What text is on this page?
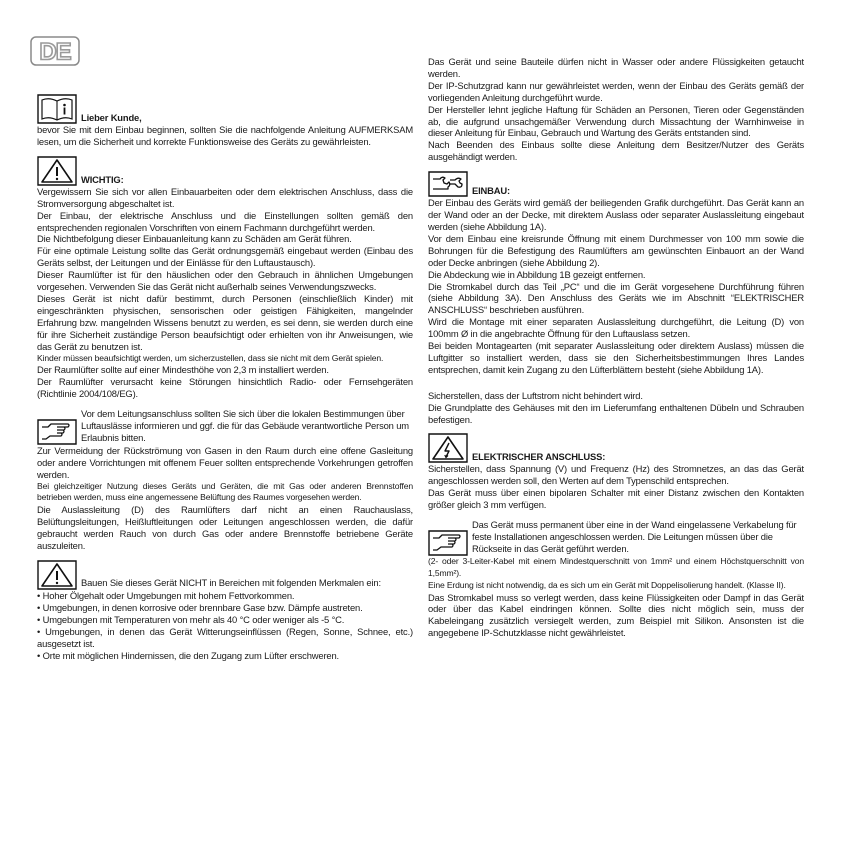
DE
Lieber Kunde,

bevor Sie mit dem Einbau beginnen, sollten Sie die nachfolgende Anleitung AUFMERKSAM lesen, um die Sicherheit und korrekte Funktionsweise des Geräts zu gewährleisten.

WICHTIG:

Vergewissern Sie sich vor allen Einbauarbeiten oder dem elektrischen Anschluss, dass die Stromversorgung abgeschaltet ist.

Der Einbau, der elektrische Anschluss und die Einstellungen sollten gemäß den entsprechenden regionalen Vorschriften von einem Fachmann durchgeführt werden.

Die Nichtbefolgung dieser Einbauanleitung kann zu Schäden am Gerät führen.

Für eine optimale Leistung sollte das Gerät ordnungsgemäß eingebaut werden (Einbau des Geräts selbst, der Leitungen und der Einlässe für den Luftaustausch).

Dieser Raumlüfter ist für den häuslichen oder den Gebrauch in ähnlichen Umgebungen vorgesehen. Verwenden Sie das Gerät nicht außerhalb seines Verwendungszwecks.

Dieses Gerät ist nicht dafür bestimmt, durch Personen (einschließlich Kinder) mit eingeschränkten physischen, sensorischen oder geistigen Fähigkeiten, mangelnder Erfahrung bzw. mangelnden Wissens benutzt zu werden, es sei denn, sie werden durch eine für ihre Sicherheit zuständige Person beaufsichtigt oder erhielten von ihr Anweisungen, wie das Gerät zu benutzen ist.

Kinder müssen beaufsichtigt werden, um sicherzustellen, dass sie nicht mit dem Gerät spielen.

Der Raumlüfter sollte auf einer Mindesthöhe von 2,3 m installiert werden.

Der Raumlüfter verursacht keine Störungen hinsichtlich Radio- oder Fernsehgeräten (Richtlinie 2004/108/EG).

Vor dem Leitungsanschluss sollten Sie sich über die lokalen Bestimmungen über Luftauslässe informieren und ggf. die für das Gebäude verantwortliche Person um Erlaubnis bitten.

Zur Vermeidung der Rückströmung von Gasen in den Raum durch eine offene Gasleitung oder andere Vorrichtungen mit offenem Feuer sollten entsprechende Vorkehrungen getroffen werden.

Bei gleichzeitiger Nutzung dieses Geräts und Geräten, die mit Gas oder anderen Brennstoffen betrieben werden, muss eine angemessene Belüftung des Raumes vorgesehen werden.

Die Auslassleitung (D) des Raumlüfters darf nicht an einen Rauchauslass, Belüftungsleitungen, Heißluftleitungen oder Leitungen angeschlossen werden, die dafür gebraucht werden Rauch von durch Gas oder andere Brennstoffe betriebene Geräte auszuleiten.

Bauen Sie dieses Gerät NICHT in Bereichen mit folgenden Merkmalen ein:

• Hoher Ölgehalt oder Umgebungen mit hohem Fettvorkommen.

• Umgebungen, in denen korrosive oder brennbare Gase bzw. Dämpfe austreten.

• Umgebungen mit Temperaturen von mehr als 40 °C oder weniger als -5 °C.

• Umgebungen, in denen das Gerät Witterungseinflüssen (Regen, Sonne, Schnee, etc.) ausgesetzt ist.

• Orte mit möglichen Hindernissen, die den Zugang zum Lüfter erschweren.

Das Gerät und seine Bauteile dürfen nicht in Wasser oder andere Flüssigkeiten getaucht werden.

Der IP-Schutzgrad kann nur gewährleistet werden, wenn der Einbau des Geräts gemäß der vorliegenden Anleitung durchgeführt wurde.

Der Hersteller lehnt jegliche Haftung für Schäden an Personen, Tieren oder Gegenständen ab, die aufgrund unsachgemäßer Verwendung durch Missachtung der Warnhinweise in dieser Anleitung für Einbau, Gebrauch und Wartung des Geräts entstanden sind.

Nach Beenden des Einbaus sollte diese Anleitung dem Besitzer/Nutzer des Geräts ausgehändigt werden.

EINBAU:

Der Einbau des Geräts wird gemäß der beiliegenden Grafik durchgeführt. Das Gerät kann an der Wand oder an der Decke, mit direktem Auslass oder separater Auslassleitung eingebaut werden (siehe Abbildung 1A).

Vor dem Einbau eine kreisrunde Öffnung mit einem Durchmesser von 100 mm sowie die Bohrungen für die Befestigung des Raumlüfters am gewünschten Einbauort an der Wand oder Decke anbringen (siehe Abbildung 2).

Die Abdeckung wie in Abbildung 1B gezeigt entfernen.

Die Stromkabel durch das Teil „PC“ und die im Gerät vorgesehene Durchführung führen (siehe Abbildung 3A). Den Anschluss des Geräts wie im Abschnitt “ELEKTRISCHER ANSCHLUSS“ beschrieben ausführen.

Wird die Montage mit einer separaten Auslassleitung durchgeführt, die Leitung (D) von 100mm Ø in die angebrachte Öffnung für den Luftauslass setzen.

Bei beiden Montagearten (mit separater Auslassleitung oder direktem Auslass) müssen die Luftgitter so installiert werden, dass sie den Sicherheitsbestimmungen Ihres Landes entsprechen, damit kein Zugang zu den Lüfterblättern besteht (siehe Abbildung 1A).

Sicherstellen, dass der Luftstrom nicht behindert wird.

Die Grundplatte des Gehäuses mit den im Lieferumfang enthaltenen Dübeln und Schrauben befestigen.

ELEKTRISCHER ANSCHLUSS:

Sicherstellen, dass Spannung (V) und Frequenz (Hz) des Stromnetzes, an das das Gerät angeschlossen werden soll, den Werten auf dem Typenschild entsprechen.

Das Gerät muss über einen bipolaren Schalter mit einer Distanz zwischen den Kontakten größer gleich 3 mm verfügen.

Das Gerät muss permanent über eine in der Wand eingelassene Verkabelung für feste Installationen angeschlossen werden. Die Leitungen müssen über die Rückseite in das Gerät geführt werden.

(2- oder 3-Leiter-Kabel mit einem Mindestquerschnitt von 1mm² und einem Höchstquerschnitt von 1,5mm²).

Eine Erdung ist nicht notwendig, da es sich um ein Gerät mit Doppelisolierung handelt. (Klasse II).

Das Stromkabel muss so verlegt werden, dass keine Flüssigkeiten oder Dampf in das Gerät oder über das Kabel eindringen können. Sollte dies nicht möglich sein, muss der Kabeleingang zusätzlich versiegelt werden, zum Beispiel mit Silikon. Ansonsten ist die angegebene IP-Schutzklasse nicht gewährleistet.
